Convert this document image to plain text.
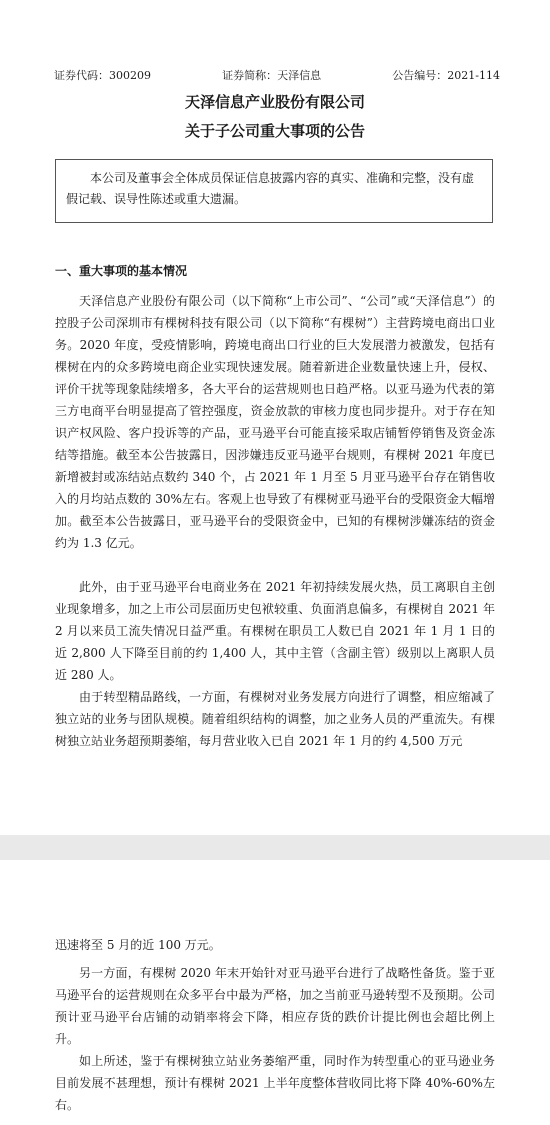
证券代码：300209	证券简称：天泽信息	公告编号：2021-114
天泽信息产业股份有限公司
关于子公司重大事项的公告
本公司及董事会全体成员保证信息披露内容的真实、准确和完整，没有虚假记载、误导性陈述或重大遗漏。
一、重大事项的基本情况
天泽信息产业股份有限公司（以下简称“上市公司”、“公司”或“天泽信息”）的控股子公司深圳市有棵树科技有限公司（以下简称“有棵树”）主营跨境电商出口业务。2020 年度，受疫情影响，跨境电商出口行业的巨大发展潜力被激发，包括有棵树在内的众多跨境电商企业实现快速发展。随着新进企业数量快速上升，侵权、评价干扰等现象陆续增多，各大平台的运营规则也日趋严格。以亚马逊为代表的第三方电商平台明显提高了管控强度，资金放款的审核力度也同步提升。对于存在知识产权风险、客户投诉等的产品，亚马逊平台可能直接采取店铺暂停销售及资金冻结等措施。截至本公告披露日，因涉嫌违反亚马逊平台规则，有棵树 2021 年度已新增被封或冻结站点数约 340 个，占 2021 年 1 月至 5 月亚马逊平台存在销售收入的月均站点数的 30%左右。客观上也导致了有棵树亚马逊平台的受限资金大幅增加。截至本公告披露日，亚马逊平台的受限资金中，已知的有棵树涉嫌冻结的资金约为 1.3 亿元。
此外，由于亚马逊平台电商业务在 2021 年初持续发展火热，员工离职自主创业现象增多，加之上市公司层面历史包袱较重、负面消息偏多，有棵树自 2021 年 2 月以来员工流失情况日益严重。有棵树在职员工人数已自 2021 年 1 月 1 日的近 2,800 人下降至目前的约 1,400 人，其中主管（含副主管）级别以上离职人员近 280 人。
由于转型精品路线，一方面，有棵树对业务发展方向进行了调整，相应缩减了独立站的业务与团队规模。随着组织结构的调整，加之业务人员的严重流失。有棵树独立站业务超预期萎缩，每月营业收入已自 2021 年 1 月的约 4,500 万元
迅速将至 5 月的近 100 万元。
另一方面，有棵树 2020 年末开始针对亚马逊平台进行了战略性备货。鉴于亚马逊平台的运营规则在众多平台中最为严格，加之当前亚马逊转型不及预期。公司预计亚马逊平台店铺的动销率将会下降，相应存货的跌价计提比例也会超比例上升。
如上所述，鉴于有棵树独立站业务萎缩严重，同时作为转型重心的亚马逊业务目前发展不甚理想，预计有棵树 2021 上半年度整体营收同比将下降 40%-60%左右。
